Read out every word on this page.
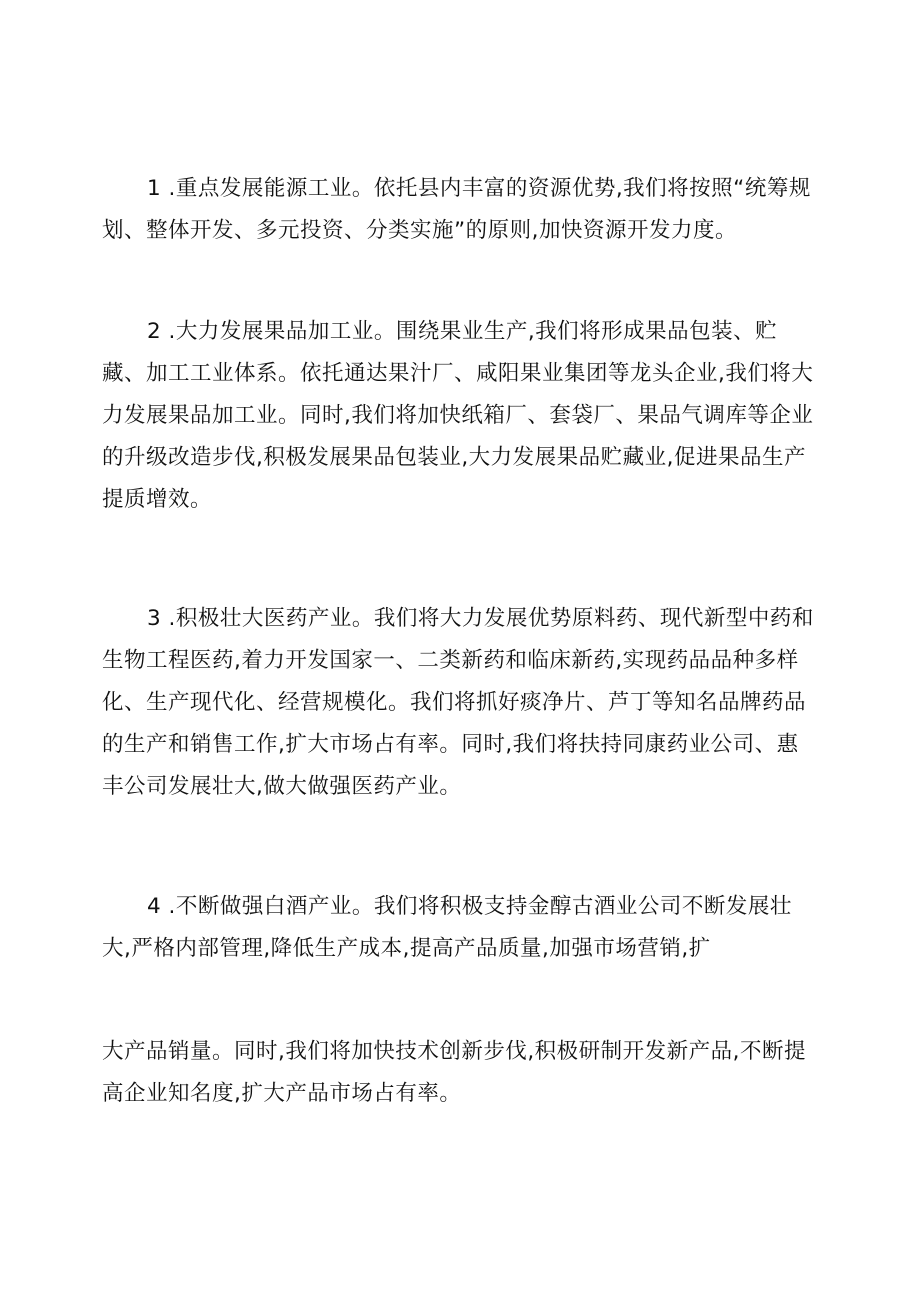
1 .重点发展能源工业。依托县内丰富的资源优势,我们将按照“统筹规
划、整体开发、多元投资、分类实施”的原则,加快资源开发力度。
2 .大力发展果品加工业。围绕果业生产,我们将形成果品包装、贮
藏、加工工业体系。依托通达果汁厂、咸阳果业集团等龙头企业,我们将大
力发展果品加工业。同时,我们将加快纸箱厂、套袋厂、果品气调库等企业
的升级改造步伐,积极发展果品包装业,大力发展果品贮藏业,促进果品生产
提质增效。
3 .积极壮大医药产业。我们将大力发展优势原料药、现代新型中药和
生物工程医药,着力开发国家一、二类新药和临床新药,实现药品品种多样
化、生产现代化、经营规模化。我们将抓好痰净片、芦丁等知名品牌药品
的生产和销售工作,扩大市场占有率。同时,我们将扶持同康药业公司、惠
丰公司发展壮大,做大做强医药产业。
4 .不断做强白酒产业。我们将积极支持金醇古酒业公司不断发展壮
大,严格内部管理,降低生产成本,提高产品质量,加强市场营销,扩
大产品销量。同时,我们将加快技术创新步伐,积极研制开发新产品,不断提
高企业知名度,扩大产品市场占有率。
